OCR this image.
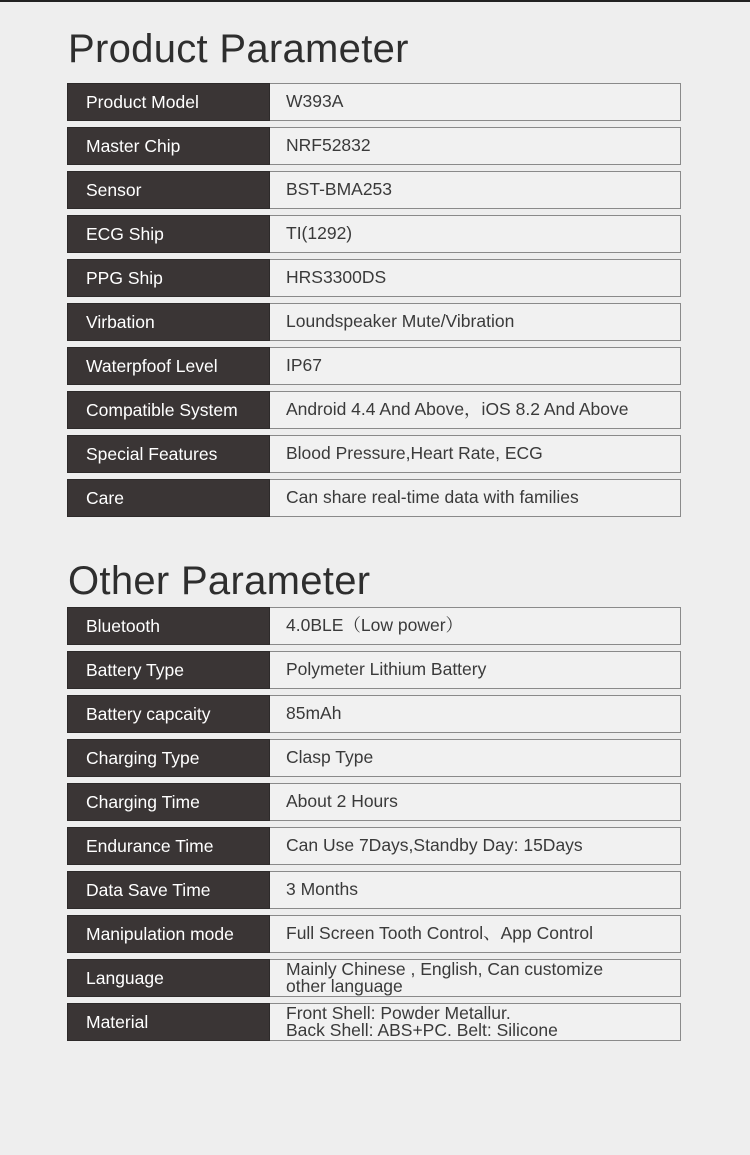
Product Parameter
Product Model	W393A
Master Chip	NRF52832
Sensor	BST-BMA253
ECG Ship	TI(1292)
PPG Ship	HRS3300DS
Virbation	Loundspeaker Mute/Vibration
Waterpfoof Level	IP67
Compatible System	Android 4.4 And Above，iOS 8.2 And Above
Special Features	Blood Pressure,Heart Rate, ECG
Care	Can share real-time data with families
Other Parameter
Bluetooth	4.0BLE（Low power）
Battery Type	Polymeter Lithium Battery
Battery capcaity	85mAh
Charging Type	Clasp Type
Charging Time	About 2 Hours
Endurance Time	Can Use 7Days,Standby Day: 15Days
Data Save Time	3 Months
Manipulation mode	Full Screen Tooth Control、App Control
Language	Mainly Chinese , English, Can customize
other language
Material	Front Shell: Powder Metallur.
Back Shell: ABS+PC. Belt: Silicone
